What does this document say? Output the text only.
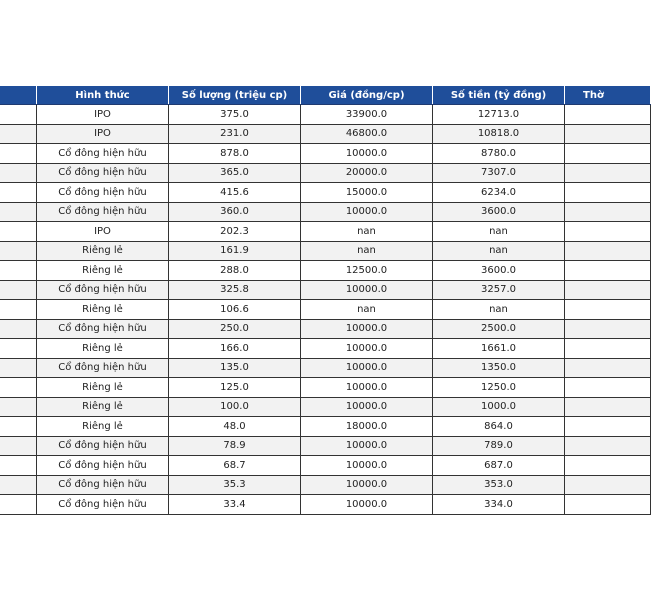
	Hình thức	Số lượng (triệu cp)	Giá (đồng/cp)	Số tiền (tỷ đồng)	Thờ
	IPO	375.0	33900.0	12713.0	
	IPO	231.0	46800.0	10818.0	
	Cổ đông hiện hữu	878.0	10000.0	8780.0	
	Cổ đông hiện hữu	365.0	20000.0	7307.0	
	Cổ đông hiện hữu	415.6	15000.0	6234.0	
	Cổ đông hiện hữu	360.0	10000.0	3600.0	
	IPO	202.3	nan	nan	
	Riêng lẻ	161.9	nan	nan	
	Riêng lẻ	288.0	12500.0	3600.0	
	Cổ đông hiện hữu	325.8	10000.0	3257.0	
	Riêng lẻ	106.6	nan	nan	
	Cổ đông hiện hữu	250.0	10000.0	2500.0	
	Riêng lẻ	166.0	10000.0	1661.0	
	Cổ đông hiện hữu	135.0	10000.0	1350.0	
	Riêng lẻ	125.0	10000.0	1250.0	
	Riêng lẻ	100.0	10000.0	1000.0	
	Riêng lẻ	48.0	18000.0	864.0	
	Cổ đông hiện hữu	78.9	10000.0	789.0	
	Cổ đông hiện hữu	68.7	10000.0	687.0	
	Cổ đông hiện hữu	35.3	10000.0	353.0	
	Cổ đông hiện hữu	33.4	10000.0	334.0	
